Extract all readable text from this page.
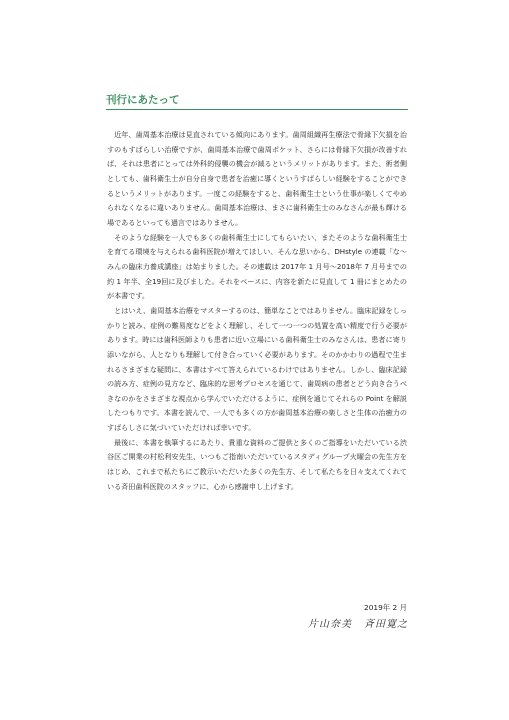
刊行にあたって

近年、歯周基本治療は見直されている傾向にあります。歯周組織再生療法で骨縁下欠損を治すのもすばらしい治療ですが、歯周基本治療で歯周ポケット、さらには骨縁下欠損が改善すれば、それは患者にとっては外科的侵襲の機会が減るというメリットがあります。また、術者側としても、歯科衛生士が自分自身で患者を治癒に導くというすばらしい経験をすることができるというメリットがあります。一度この経験をすると、歯科衛生士という仕事が楽しくてやめられなくなるに違いありません。歯周基本治療は、まさに歯科衛生士のみなさんが最も輝ける場であるといっても過言ではありません。

そのような経験を一人でも多くの歯科衛生士にしてもらいたい、またそのような歯科衛生士を育てる環境を与えられる歯科医院が増えてほしい、そんな思いから、DHstyle の連載「な〜みんの臨床力養成講座」は始まりました。その連載は 2017年 1 月号〜2018年 7 月号までの約 1 年半、全19回に及びました。それをベースに、内容を新たに見直して 1 冊にまとめたのが本書です。

とはいえ、歯周基本治療をマスターするのは、簡単なことではありません。臨床記録をしっかりと読み、症例の難易度などをよく理解し、そして一つ一つの処置を高い精度で行う必要があります。時には歯科医師よりも患者に近い立場にいる歯科衛生士のみなさんは、患者に寄り添いながら、人となりも理解して付き合っていく必要があります。そのかかわりの過程で生まれるさまざまな疑問に、本書はすべて答えられているわけではありません。しかし、臨床記録の読み方、症例の見方など、臨床的な思考プロセスを通じて、歯周病の患者とどう向き合うべきなのかをさまざまな視点から学んでいただけるように、症例を通じてそれらの Point を解説したつもりです。本書を読んで、一人でも多くの方が歯周基本治療の楽しさと生体の治癒力のすばらしさに気づいていただければ幸いです。

最後に、本書を執筆するにあたり、貴重な資料のご提供と多くのご指導をいただいている渋谷区ご開業の村松利安先生、いつもご指南いただいているスタディグループ火曜会の先生方をはじめ、これまで私たちにご教示いただいた多くの先生方、そして私たちを日々支えてくれている斉田歯科医院のスタッフに、心から感謝申し上げます。

2019年 2 月
片山奈美 斉田寛之
